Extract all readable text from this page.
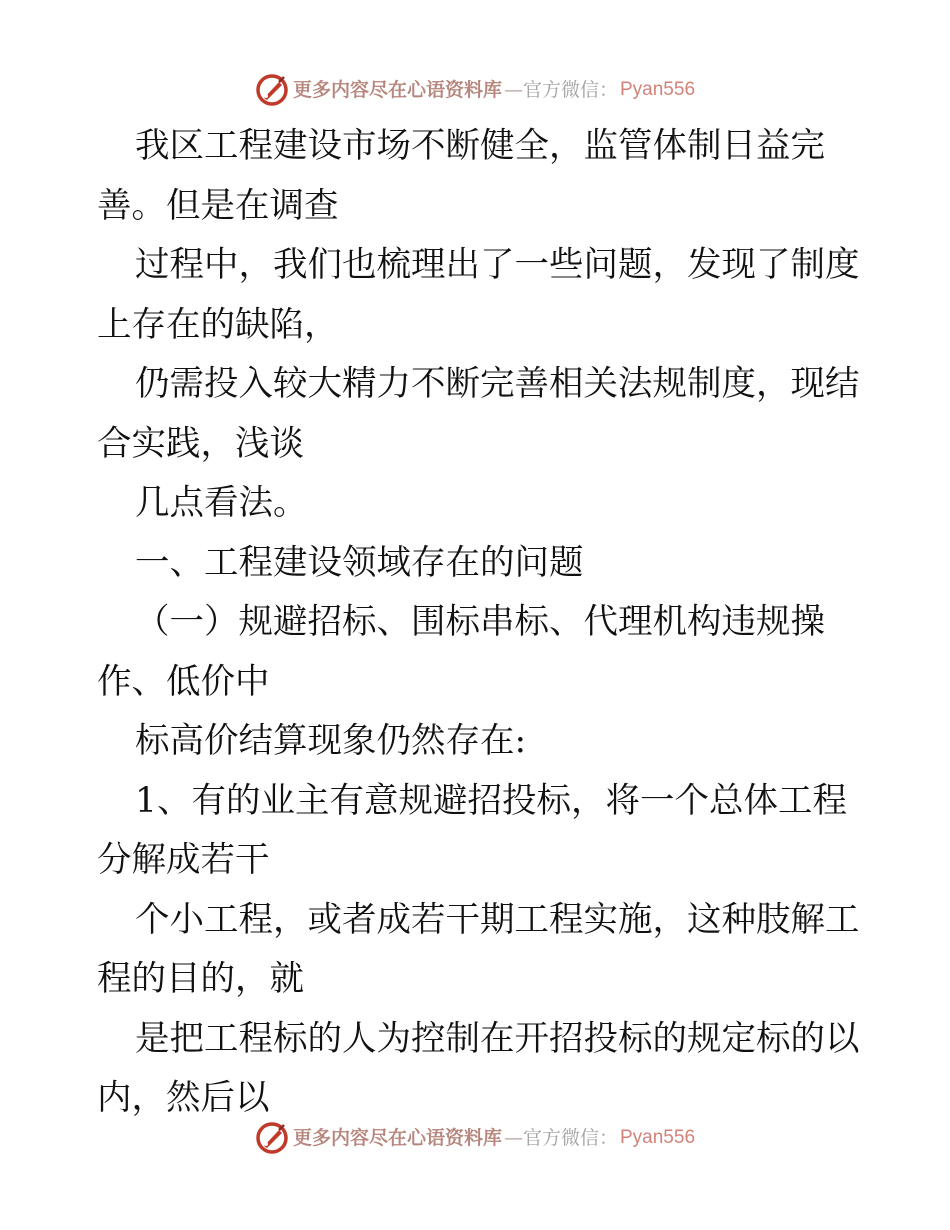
更多内容尽在心语资料库 — 官方微信： Pyan556
我区工程建设市场不断健全，监管体制日益完
善。但是在调查
过程中，我们也梳理出了一些问题，发现了制度
上存在的缺陷，
仍需投入较大精力不断完善相关法规制度，现结
合实践，浅谈
几点看法。
一、工程建设领域存在的问题
（一）规避招标、围标串标、代理机构违规操
作、低价中
标高价结算现象仍然存在:
1、有的业主有意规避招投标，将一个总体工程
分解成若干
个小工程，或者成若干期工程实施，这种肢解工
程的目的，就
是把工程标的人为控制在开招投标的规定标的以
内，然后以
更多内容尽在心语资料库 — 官方微信： Pyan556
